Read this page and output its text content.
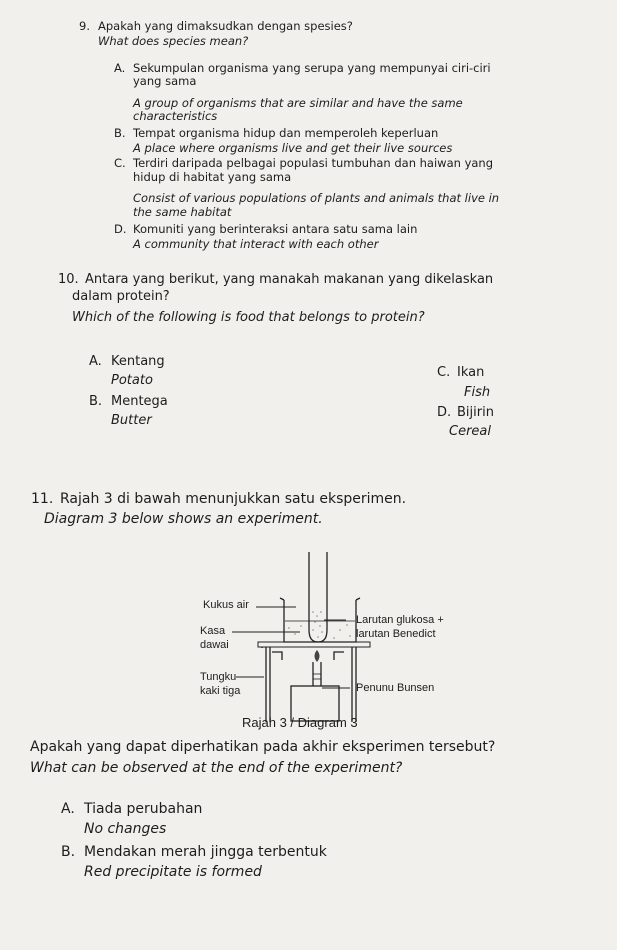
9. Apakah yang dimaksudkan dengan spesies?
What does species mean?
A. Sekumpulan organisma yang serupa yang mempunyai ciri-ciri
yang sama
A group of organisms that are similar and have the same
characteristics
B. Tempat organisma hidup dan memperoleh keperluan
A place where organisms live and get their live sources
C. Terdiri daripada pelbagai populasi tumbuhan dan haiwan yang
hidup di habitat yang sama
Consist of various populations of plants and animals that live in
the same habitat
D. Komuniti yang berinteraksi antara satu sama lain
A community that interact with each other
10. Antara yang berikut, yang manakah makanan yang dikelaskan
dalam protein?
Which of the following is food that belongs to protein?
A. Kentang
Potato
B. Mentega
Butter
C. Ikan
Fish
D. Bijirin
Cereal
11. Rajah 3 di bawah menunjukkan satu eksperimen.
Diagram 3 below shows an experiment.
Kukus air
Kasa
dawai
Tungku
kaki tiga
Larutan glukosa +
larutan Benedict
Penunu Bunsen
Rajah 3 / Diagram 3
Apakah yang dapat diperhatikan pada akhir eksperimen tersebut?
What can be observed at the end of the experiment?
A. Tiada perubahan
No changes
B. Mendakan merah jingga terbentuk
Red precipitate is formed
